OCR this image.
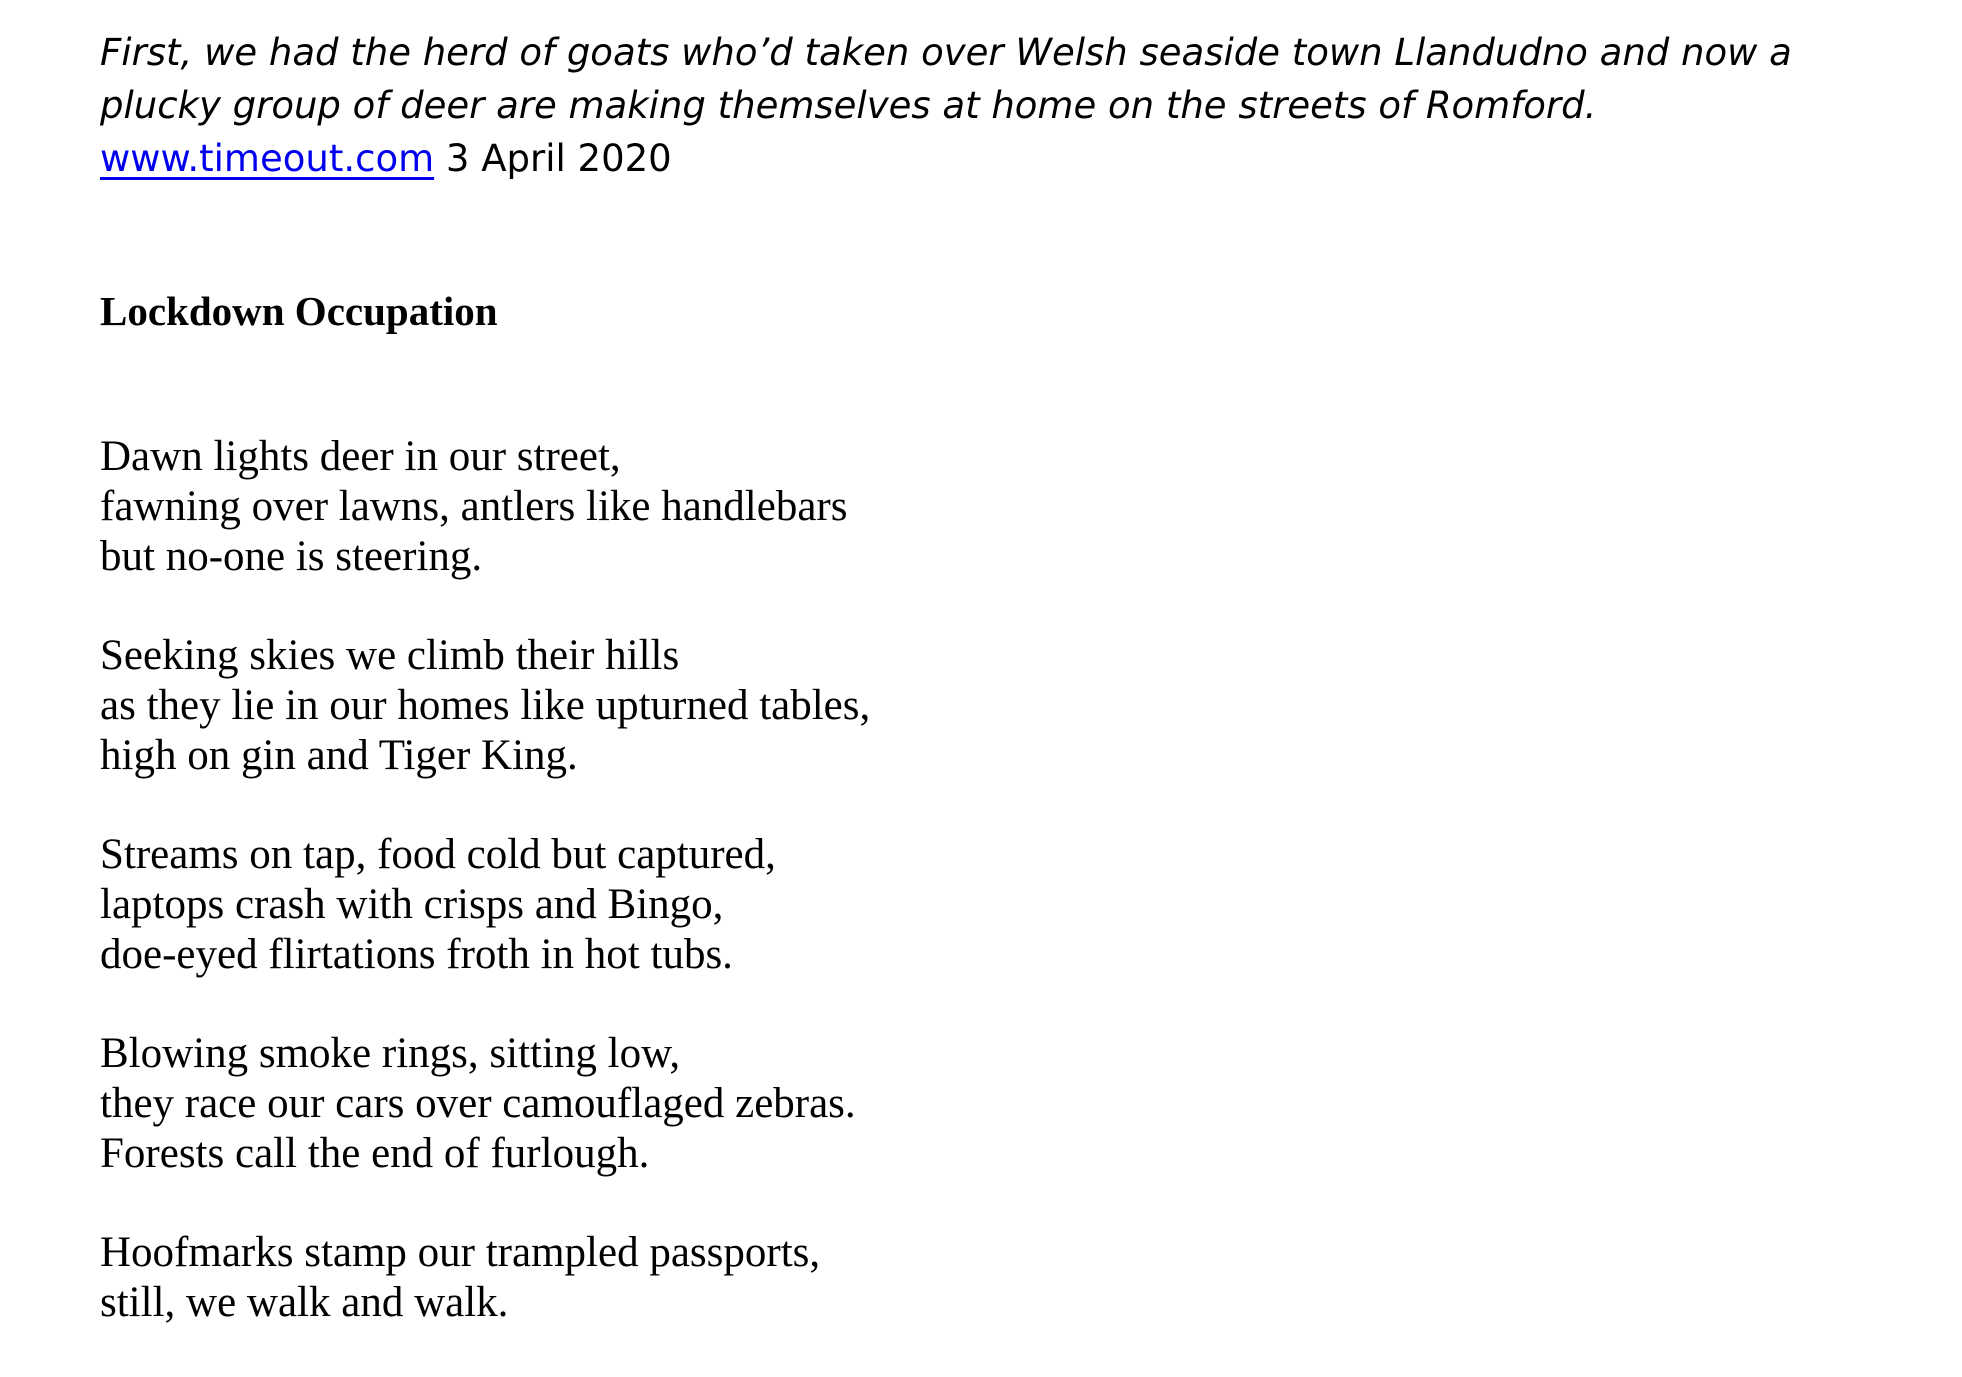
First, we had the herd of goats who’d taken over Welsh seaside town Llandudno and now a plucky group of deer are making themselves at home on the streets of Romford.   www.timeout.com 3 April 2020

Lockdown Occupation
Dawn lights deer in our street,
fawning over lawns, antlers like handlebars
but no-one is steering.
Seeking skies we climb their hills
as they lie in our homes like upturned tables,
high on gin and Tiger King.
Streams on tap, food cold but captured,
laptops crash with crisps and Bingo,
doe-eyed flirtations froth in hot tubs.
Blowing smoke rings, sitting low,
they race our cars over camouflaged zebras.
Forests call the end of furlough.
Hoofmarks stamp our trampled passports,
still, we walk and walk.
